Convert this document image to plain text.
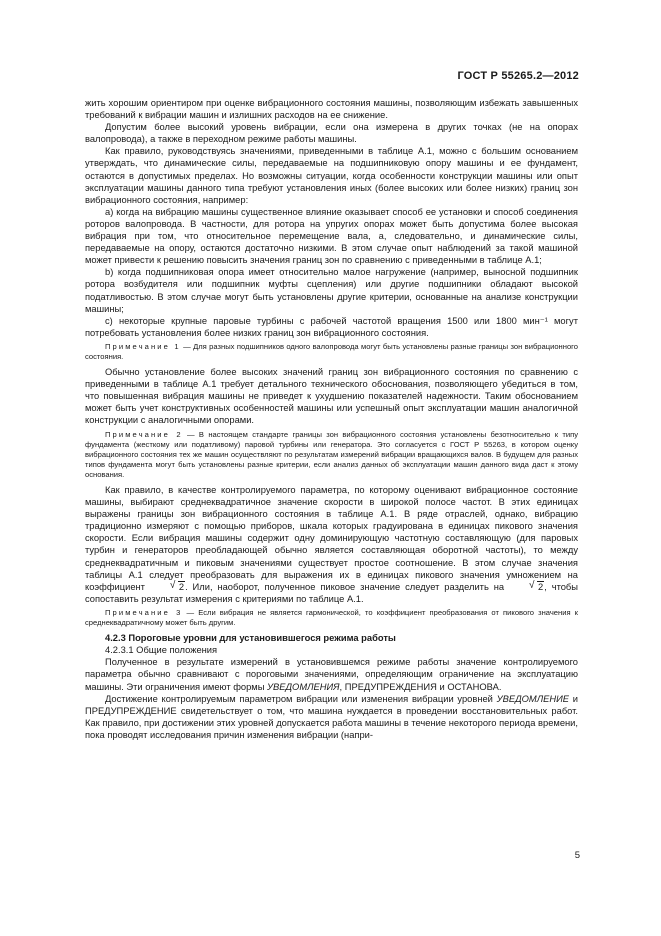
ГОСТ Р 55265.2—2012

жить хорошим ориентиром при оценке вибрационного состояния машины, позволяющим избежать завышенных требований к вибрации машин и излишних расходов на ее снижение.

Допустим более высокий уровень вибрации, если она измерена в других точках (не на опорах валопровода), а также в переходном режиме работы машины.

Как правило, руководствуясь значениями, приведенными в таблице А.1, можно с большим основанием утверждать, что динамические силы, передаваемые на подшипниковую опору машины и ее фундамент, остаются в допустимых пределах. Но возможны ситуации, когда особенности конструкции машины или опыт эксплуатации машины данного типа требуют установления иных (более высоких или более низких) границ зон вибрационного состояния, например:

а) когда на вибрацию машины существенное влияние оказывает способ ее установки и способ соединения роторов валопровода. В частности, для ротора на упругих опорах может быть допустима более высокая вибрация при том, что относительное перемещение вала, а, следовательно, и динамические силы, передаваемые на опору, остаются достаточно низкими. В этом случае опыт наблюдений за такой машиной может привести к решению повысить значения границ зон по сравнению с приведенными в таблице А.1;

b) когда подшипниковая опора имеет относительно малое нагружение (например, выносной подшипник ротора возбудителя или подшипник муфты сцепления) или другие подшипники обладают высокой податливостью. В этом случае могут быть установлены другие критерии, основанные на анализе конструкции машины;

с) некоторые крупные паровые турбины с рабочей частотой вращения 1500 или 1800 мин⁻¹ могут потребовать установления более низких границ зон вибрационного состояния.

Примечание 1 — Для разных подшипников одного валопровода могут быть установлены разные границы зон вибрационного состояния.

Обычно установление более высоких значений границ зон вибрационного состояния по сравнению с приведенными в таблице А.1 требует детального технического обоснования, позволяющего убедиться в том, что повышенная вибрация машины не приведет к ухудшению показателей надежности. Таким обоснованием может быть учет конструктивных особенностей машины или успешный опыт эксплуатации машин аналогичной конструкции с аналогичными опорами.

Примечание 2 — В настоящем стандарте границы зон вибрационного состояния установлены безотносительно к типу фундамента (жесткому или податливому) паровой турбины или генератора. Это согласуется с ГОСТ Р 55263, в котором оценку вибрационного состояния тех же машин осуществляют по результатам измерений вибрации вращающихся валов. В будущем для разных типов фундамента могут быть установлены разные критерии, если анализ данных об эксплуатации машин данного вида даст к этому основания.

Как правило, в качестве контролируемого параметра, по которому оценивают вибрационное состояние машины, выбирают среднеквадратичное значение скорости в широкой полосе частот. В этих единицах выражены границы зон вибрационного состояния в таблице А.1. В ряде отраслей, однако, вибрацию традиционно измеряют с помощью приборов, шкала которых градуирована в единицах пикового значения скорости. Если вибрация машины содержит одну доминирующую частотную составляющую (для паровых турбин и генераторов преобладающей обычно является составляющая оборотной частоты), то между среднеквадратичным и пиковым значениями существует простое соотношение. В этом случае значения таблицы А.1 следует преобразовать для выражения их в единицах пикового значения умножением на коэффициент	√ 2. Или, наоборот, полученное пиковое значение следует разделить на	√ 2, чтобы сопоставить результат измерения с критериями по таблице А.1.

Примечание 3 — Если вибрация не является гармонической, то коэффициент преобразования от пикового значения к среднеквадратичному может быть другим.

4.2.3 Пороговые уровни для установившегося режима работы

4.2.3.1 Общие положения

Полученное в результате измерений в установившемся режиме работы значение контролируемого параметра обычно сравнивают с пороговыми значениями, определяющим ограничение на эксплуатацию машины. Эти ограничения имеют формы УВЕДОМЛЕНИЯ, ПРЕДУПРЕЖДЕНИЯ и ОСТАНОВА.

Достижение контролируемым параметром вибрации или изменения вибрации уровней УВЕДОМЛЕНИЕ и ПРЕДУПРЕЖДЕНИЕ свидетельствует о том, что машина нуждается в проведении восстановительных работ. Как правило, при достижении этих уровней допускается работа машины в течение некоторого периода времени, пока проводят исследования причин изменения вибрации (напри-

5
